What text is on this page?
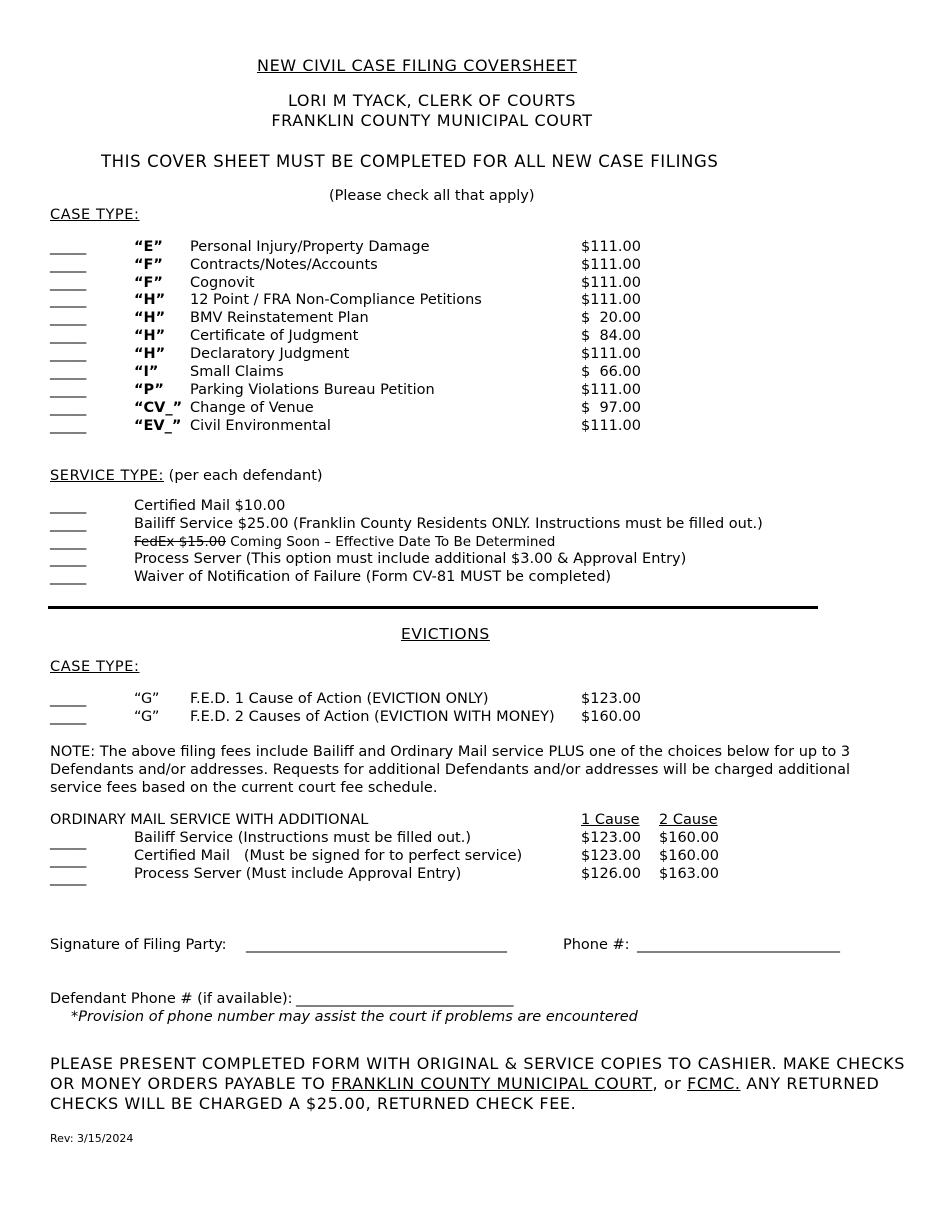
NEW CIVIL CASE FILING COVERSHEET
LORI M TYACK, CLERK OF COURTS
FRANKLIN COUNTY MUNICIPAL COURT
THIS COVER SHEET MUST BE COMPLETED FOR ALL NEW CASE FILINGS
(Please check all that apply)
CASE TYPE:
_____	“E” Personal Injury/Property Damage	$111.00
_____	“F” Contracts/Notes/Accounts	$111.00
_____	“F” Cognovit	$111.00
_____	“H” 12 Point / FRA Non-Compliance Petitions	$111.00
_____	“H” BMV Reinstatement Plan	$  20.00
_____	“H” Certificate of Judgment	$  84.00
_____	“H” Declaratory Judgment	$111.00
_____	“I” Small Claims	$  66.00
_____	“P” Parking Violations Bureau Petition	$111.00
_____	“CV_” Change of Venue	$  97.00
_____	“EV_” Civil Environmental	$111.00
SERVICE TYPE: (per each defendant)
_____	Certified Mail $10.00
_____	Bailiff Service $25.00 (Franklin County Residents ONLY. Instructions must be filled out.)
_____	FedEx $15.00 Coming Soon – Effective Date To Be Determined
_____	Process Server (This option must include additional $3.00 & Approval Entry)
_____	Waiver of Notification of Failure (Form CV-81 MUST be completed)
EVICTIONS
CASE TYPE:
_____	“G” F.E.D. 1 Cause of Action (EVICTION ONLY)	$123.00
_____	“G” F.E.D. 2 Causes of Action (EVICTION WITH MONEY) $160.00
NOTE: The above filing fees include Bailiff and Ordinary Mail service PLUS one of the choices below for up to 3
Defendants and/or addresses. Requests for additional Defendants and/or addresses will be charged additional
service fees based on the current court fee schedule.
ORDINARY MAIL SERVICE WITH ADDITIONAL	1 Cause 2 Cause
_____	Bailiff Service (Instructions must be filled out.)	$123.00 $160.00
_____	Certified Mail   (Must be signed for to perfect service)	$123.00 $160.00
_____	Process Server (Must include Approval Entry)	$126.00 $163.00
Signature of Filing Party: ____________________________________	Phone #: ____________________________
Defendant Phone # (if available): ______________________________
*Provision of phone number may assist the court if problems are encountered
PLEASE PRESENT COMPLETED FORM WITH ORIGINAL & SERVICE COPIES TO CASHIER. MAKE CHECKS
OR MONEY ORDERS PAYABLE TO FRANKLIN COUNTY MUNICIPAL COURT, or FCMC. ANY RETURNED
CHECKS WILL BE CHARGED A $25.00, RETURNED CHECK FEE.
Rev: 3/15/2024
